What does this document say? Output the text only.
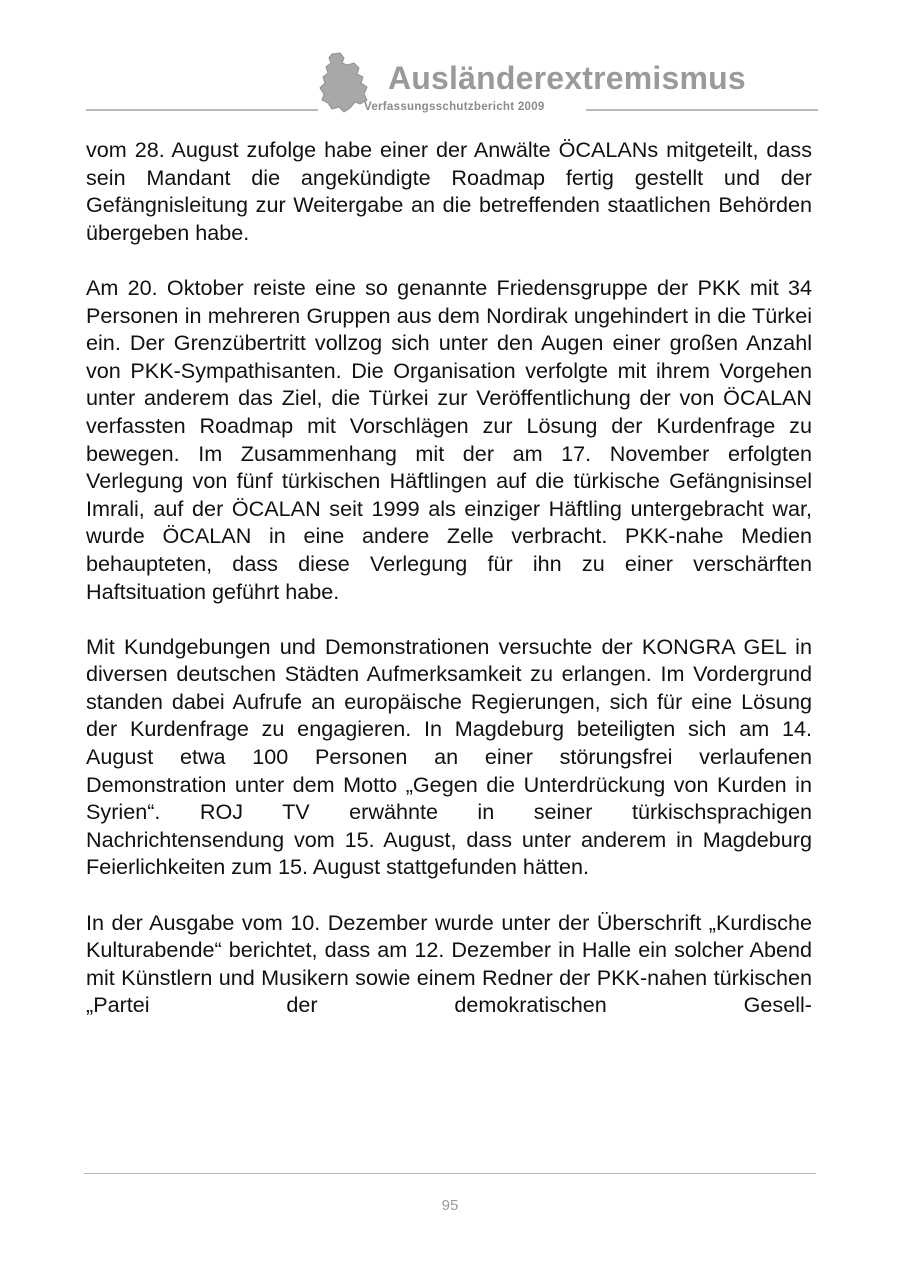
Ausländerextremismus
Verfassungsschutzbericht 2009

vom 28. August zufolge habe einer der Anwälte ÖCALANs mitgeteilt, dass sein Mandant die angekündigte Roadmap fertig gestellt und der Gefängnisleitung zur Weitergabe an die betreffenden staatlichen Behörden übergeben habe.

Am 20. Oktober reiste eine so genannte Friedensgruppe der PKK mit 34 Personen in mehreren Gruppen aus dem Nordirak ungehindert in die Türkei ein. Der Grenzübertritt vollzog sich unter den Augen einer großen Anzahl von PKK-Sympathisanten. Die Organisation verfolgte mit ihrem Vorgehen unter anderem das Ziel, die Türkei zur Veröffentlichung der von ÖCALAN verfassten Roadmap mit Vorschlägen zur Lösung der Kurdenfrage zu bewegen. Im Zusammenhang mit der am 17. November erfolgten Verlegung von fünf türkischen Häftlingen auf die türkische Gefängnisinsel Imrali, auf der ÖCALAN seit 1999 als einziger Häftling untergebracht war, wurde ÖCALAN in eine andere Zelle verbracht. PKK-nahe Medien behaupteten, dass diese Verlegung für ihn zu einer verschärften Haftsituation geführt habe.

Mit Kundgebungen und Demonstrationen versuchte der KONGRA GEL in diversen deutschen Städten Aufmerksamkeit zu erlangen. Im Vordergrund standen dabei Aufrufe an europäische Regierungen, sich für eine Lösung der Kurdenfrage zu engagieren. In Magdeburg beteiligten sich am 14. August etwa 100 Personen an einer störungsfrei verlaufenen Demonstration unter dem Motto „Gegen die Unterdrückung von Kurden in Syrien“. ROJ TV erwähnte in seiner türkischsprachigen Nachrichtensendung vom 15. August, dass unter anderem in Magdeburg Feierlichkeiten zum 15. August stattgefunden hätten.

In der Ausgabe vom 10. Dezember wurde unter der Überschrift „Kurdische Kulturabende“ berichtet, dass am 12. Dezember in Halle ein solcher Abend mit Künstlern und Musikern sowie einem Redner der PKK-nahen türkischen „Partei der demokratischen Gesell-

95
